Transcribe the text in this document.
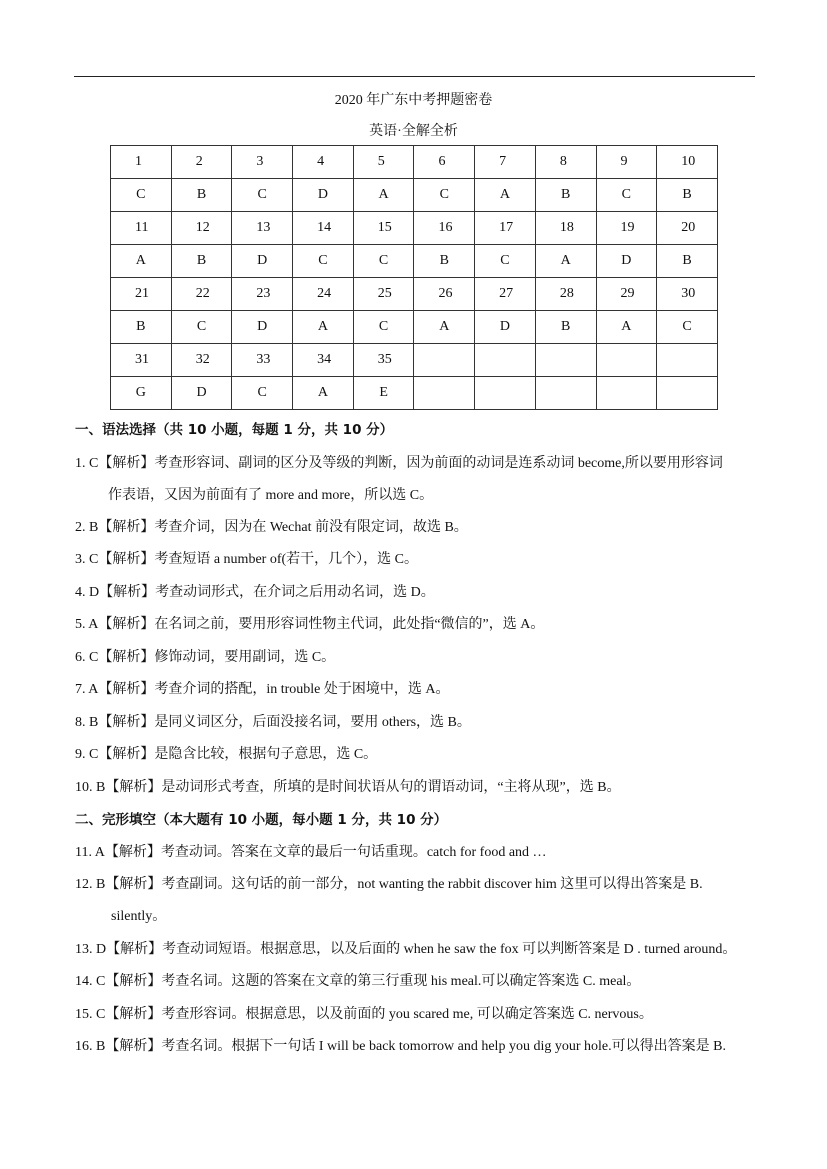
2020 年广东中考押题密卷
英语·全解全析
1	2	3	4	5	6	7	8	9	10
C	B	C	D	A	C	A	B	C	B
11	12	13	14	15	16	17	18	19	20
A	B	D	C	C	B	C	A	D	B
21	22	23	24	25	26	27	28	29	30
B	C	D	A	C	A	D	B	A	C
31	32	33	34	35					
G	D	C	A	E					
一、语法选择（共 10 小题，每题 1 分，共 10 分）
1. C【解析】考查形容词、副词的区分及等级的判断，因为前面的动词是连系动词 become,所以要用形容词
作表语，又因为前面有了 more and more，所以选 C。
2. B【解析】考查介词，因为在 Wechat 前没有限定词，故选 B。
3. C【解析】考查短语 a number of(若干，几个），选 C。
4. D【解析】考查动词形式，在介词之后用动名词，选 D。
5. A【解析】在名词之前，要用形容词性物主代词，此处指“微信的”，选 A。
6. C【解析】修饰动词，要用副词，选 C。
7. A【解析】考查介词的搭配，in trouble 处于困境中，选 A。
8. B【解析】是同义词区分，后面没接名词，要用 others，选 B。
9. C【解析】是隐含比较，根据句子意思，选 C。
10. B【解析】是动词形式考查，所填的是时间状语从句的谓语动词，“主将从现”，选 B。
二、完形填空（本大题有 10 小题，每小题 1 分，共 10 分）
11. A【解析】考查动词。答案在文章的最后一句话重现。catch for food and …
12. B【解析】考查副词。这句话的前一部分，not wanting the rabbit discover him 这里可以得出答案是 B.
silently。
13. D【解析】考查动词短语。根据意思，以及后面的 when he saw the fox 可以判断答案是 D . turned around。
14. C【解析】考查名词。这题的答案在文章的第三行重现 his meal.可以确定答案选 C. meal。
15. C【解析】考查形容词。根据意思，以及前面的 you scared me, 可以确定答案选 C. nervous。
16. B【解析】考查名词。根据下一句话 I will be back tomorrow and help you dig your hole.可以得出答案是 B.
